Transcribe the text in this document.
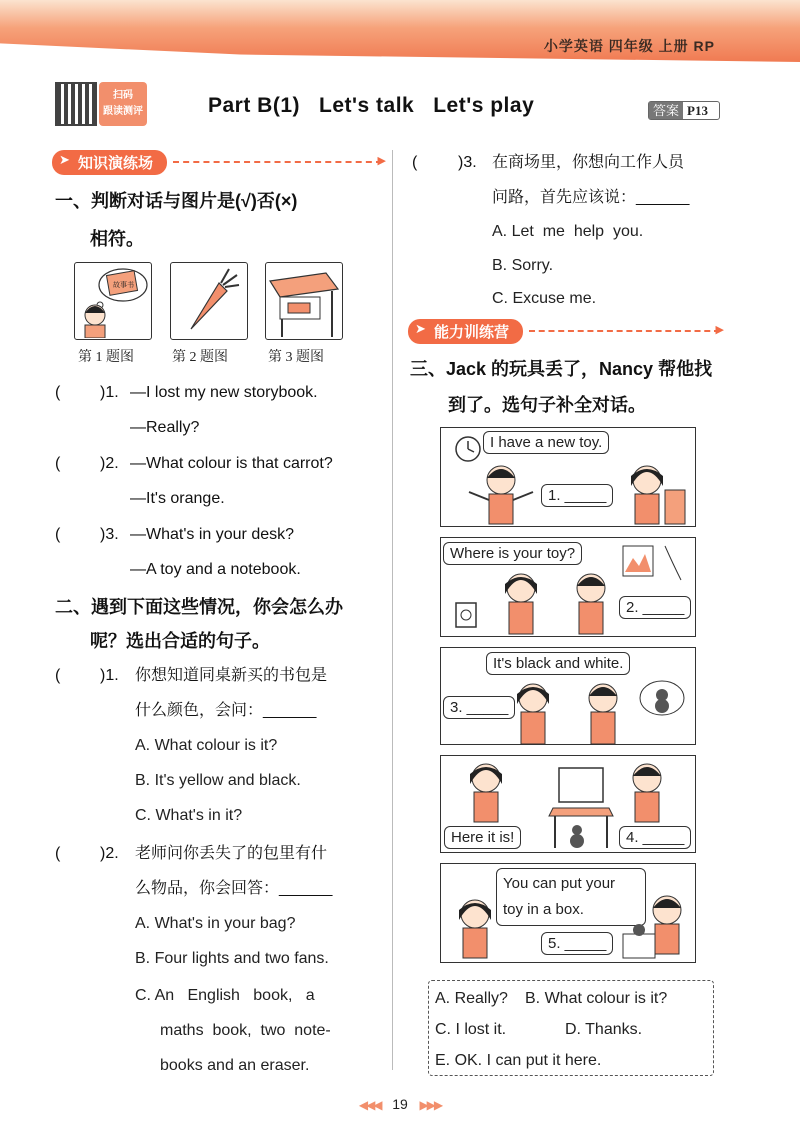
小学英语 四年级 上册 RP
扫码
跟读测评	Part B(1)   Let's talk   Let's play	答案 P13
➤ 知识演练场
▶
一、判断对话与图片是(√)否(×)
相符。
故事书
第 1 题图	第 2 题图	第 3 题图
( )1. —I lost my new storybook.
—Really?
( )2. —What colour is that carrot?
—It's orange.
( )3. —What's in your desk?
—A toy and a notebook.
二、遇到下面这些情况，你会怎么办
呢？选出合适的句子。
( )1. 你想知道同桌新买的书包是
什么颜色，会问：______
A. What colour is it?
B. It's yellow and black.
C. What's in it?
( )2. 老师问你丢失了的包里有什
么物品，你会回答：______
A. What's in your bag?
B. Four lights and two fans.
C. An   English   book,   a
maths  book,  two  note-
books and an eraser.
(	)3. 在商场里，你想向工作人员
问路，首先应该说：______
A. Let  me  help  you.
B. Sorry.
C. Excuse me.
➤ 能力训练营
▶
三、Jack 的玩具丢了，Nancy 帮他找
到了。选句子补全对话。
I have a new toy.
1. _____
Where is your toy?
2. _____
It's black and white.
3. _____
Here it is!	4. _____
You can put your
toy in a box.
5. _____
A. Really? B. What colour is it?
C. I lost it.	D. Thanks.
E. OK. I can put it here.
◀◀◀ 19 ▶▶▶
